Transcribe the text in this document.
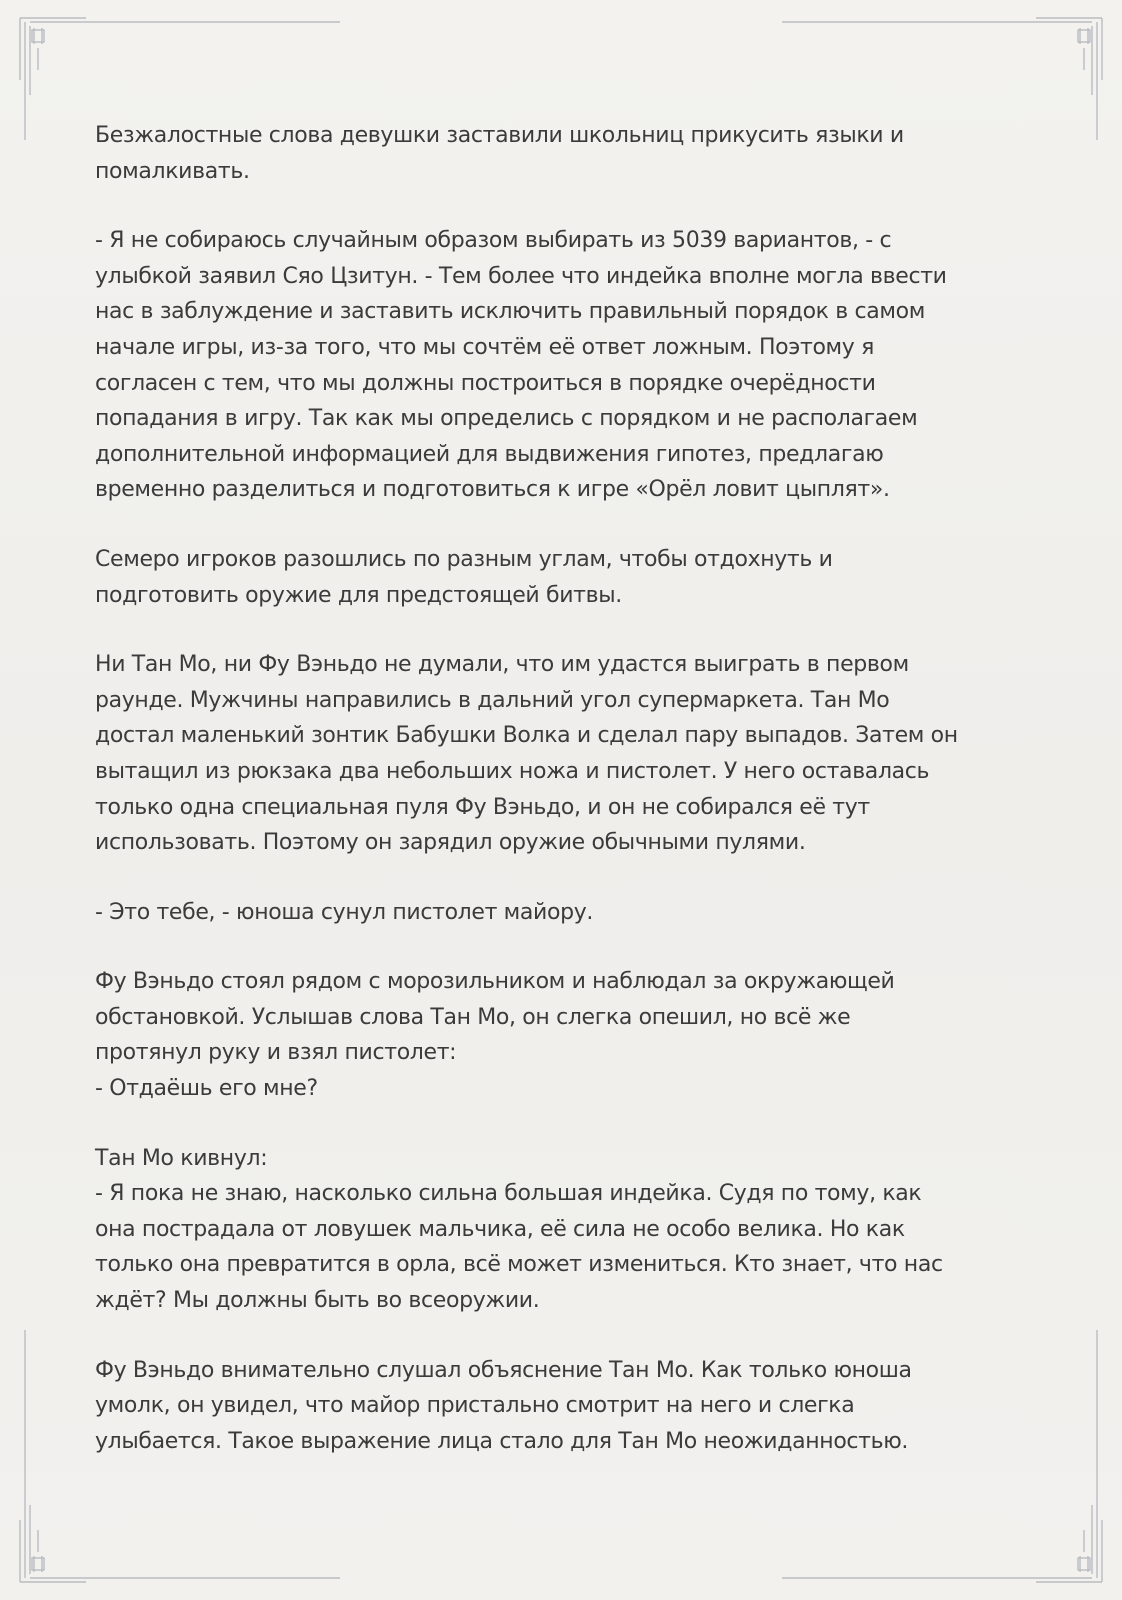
Безжалостные слова девушки заставили школьниц прикусить языки и
помалкивать.

- Я не собираюсь случайным образом выбирать из 5039 вариантов, - с
улыбкой заявил Сяо Цзитун. - Тем более что индейка вполне могла ввести
нас в заблуждение и заставить исключить правильный порядок в самом
начале игры, из-за того, что мы сочтём её ответ ложным. Поэтому я
согласен с тем, что мы должны построиться в порядке очерёдности
попадания в игру. Так как мы определись с порядком и не располагаем
дополнительной информацией для выдвижения гипотез, предлагаю
временно разделиться и подготовиться к игре «Орёл ловит цыплят».

Семеро игроков разошлись по разным углам, чтобы отдохнуть и
подготовить оружие для предстоящей битвы.

Ни Тан Мо, ни Фу Вэньдо не думали, что им удастся выиграть в первом
раунде. Мужчины направились в дальний угол супермаркета. Тан Мо
достал маленький зонтик Бабушки Волка и сделал пару выпадов. Затем он
вытащил из рюкзака два небольших ножа и пистолет. У него оставалась
только одна специальная пуля Фу Вэньдо, и он не собирался её тут
использовать. Поэтому он зарядил оружие обычными пулями.

- Это тебе, - юноша сунул пистолет майору.

Фу Вэньдо стоял рядом с морозильником и наблюдал за окружающей
обстановкой. Услышав слова Тан Мо, он слегка опешил, но всё же
протянул руку и взял пистолет:
- Отдаёшь его мне?

Тан Мо кивнул:
- Я пока не знаю, насколько сильна большая индейка. Судя по тому, как
она пострадала от ловушек мальчика, её сила не особо велика. Но как
только она превратится в орла, всё может измениться. Кто знает, что нас
ждёт? Мы должны быть во всеоружии.

Фу Вэньдо внимательно слушал объяснение Тан Мо. Как только юноша
умолк, он увидел, что майор пристально смотрит на него и слегка
улыбается. Такое выражение лица стало для Тан Мо неожиданностью.
